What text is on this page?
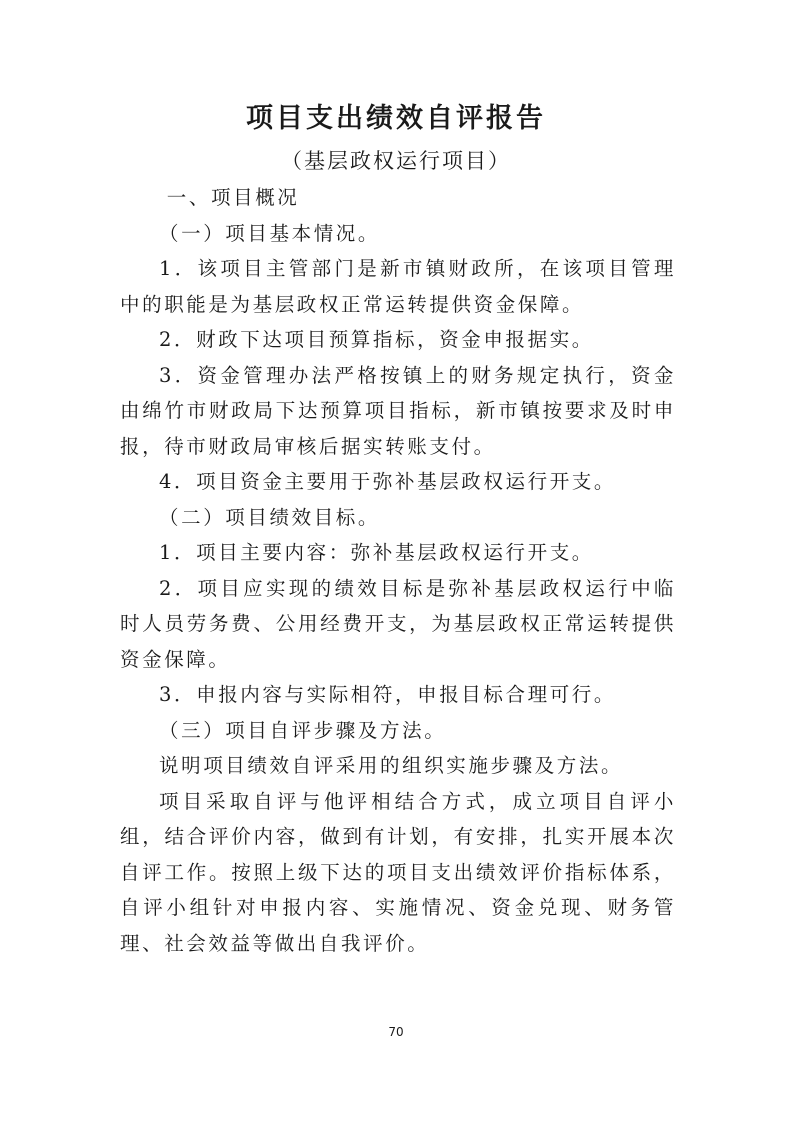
项目支出绩效自评报告
（基层政权运行项目）

一、项目概况

（一）项目基本情况。

1．该项目主管部门是新市镇财政所，在该项目管理中的职能是为基层政权正常运转提供资金保障。

2．财政下达项目预算指标，资金申报据实。

3．资金管理办法严格按镇上的财务规定执行，资金由绵竹市财政局下达预算项目指标，新市镇按要求及时申报，待市财政局审核后据实转账支付。

4．项目资金主要用于弥补基层政权运行开支。

（二）项目绩效目标。

1．项目主要内容：弥补基层政权运行开支。

2．项目应实现的绩效目标是弥补基层政权运行中临时人员劳务费、公用经费开支，为基层政权正常运转提供资金保障。

3．申报内容与实际相符，申报目标合理可行。

（三）项目自评步骤及方法。

说明项目绩效自评采用的组织实施步骤及方法。

项目采取自评与他评相结合方式，成立项目自评小组，结合评价内容，做到有计划，有安排，扎实开展本次自评工作。按照上级下达的项目支出绩效评价指标体系，自评小组针对申报内容、实施情况、资金兑现、财务管理、社会效益等做出自我评价。

70
